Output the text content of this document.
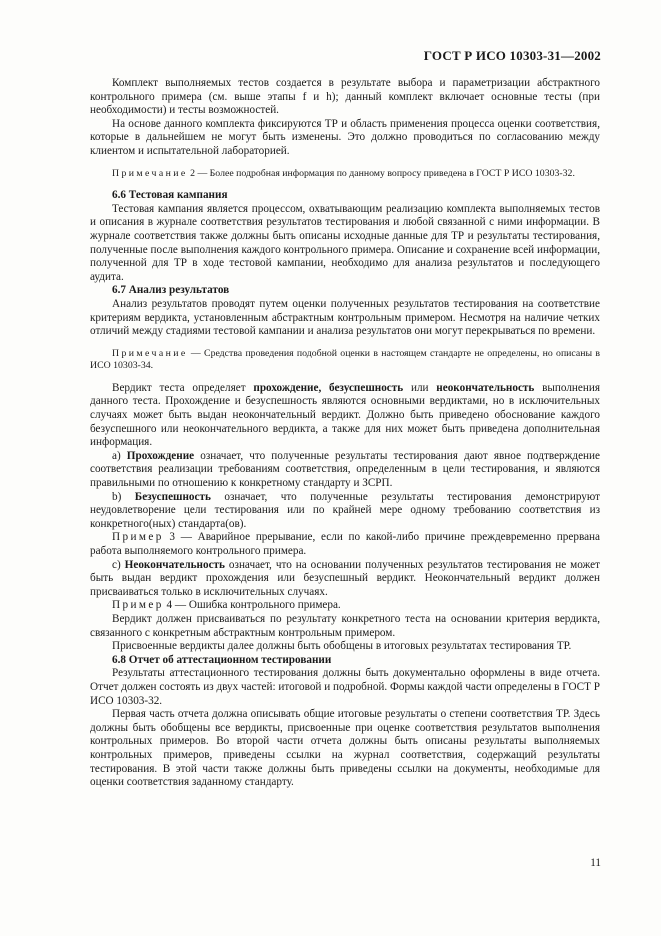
ГОСТ Р ИСО 10303-31—2002

Комплект выполняемых тестов создается в результате выбора и параметризации абстрактного контрольного примера (см. выше этапы f и h); данный комплект включает основные тесты (при необходимости) и тесты возможностей.

На основе данного комплекта фиксируются ТР и область применения процесса оценки соответствия, которые в дальнейшем не могут быть изменены. Это должно проводиться по согласованию между клиентом и испытательной лабораторией.

Примечание 2 — Более подробная информация по данному вопросу приведена в ГОСТ Р ИСО 10303-32.

6.6 Тестовая кампания

Тестовая кампания является процессом, охватывающим реализацию комплекта выполняемых тестов и описания в журнале соответствия результатов тестирования и любой связанной с ними информации. В журнале соответствия также должны быть описаны исходные данные для ТР и результаты тестирования, полученные после выполнения каждого контрольного примера. Описание и сохранение всей информации, полученной для ТР в ходе тестовой кампании, необходимо для анализа результатов и последующего аудита.

6.7 Анализ результатов

Анализ результатов проводят путем оценки полученных результатов тестирования на соответствие критериям вердикта, установленным абстрактным контрольным примером. Несмотря на наличие четких отличий между стадиями тестовой кампании и анализа результатов они могут перекрываться по времени.

Примечание — Средства проведения подобной оценки в настоящем стандарте не определены, но описаны в ИСО 10303-34.

Вердикт теста определяет прохождение, безуспешность или неокончательность выполнения данного теста. Прохождение и безуспешность являются основными вердиктами, но в исключительных случаях может быть выдан неокончательный вердикт. Должно быть приведено обоснование каждого безуспешного или неокончательного вердикта, а также для них может быть приведена дополнительная информация.

a) Прохождение означает, что полученные результаты тестирования дают явное подтверждение соответствия реализации требованиям соответствия, определенным в цели тестирования, и являются правильными по отношению к конкретному стандарту и ЗСРП.

b) Безуспешность означает, что полученные результаты тестирования демонстрируют неудовлетворение цели тестирования или по крайней мере одному требованию соответствия из конкретного(ных) стандарта(ов).

Пример 3 — Аварийное прерывание, если по какой-либо причине преждевременно прервана работа выполняемого контрольного примера.

c) Неокончательность означает, что на основании полученных результатов тестирования не может быть выдан вердикт прохождения или безуспешный вердикт. Неокончательный вердикт должен присваиваться только в исключительных случаях.

Пример 4 — Ошибка контрольного примера.

Вердикт должен присваиваться по результату конкретного теста на основании критерия вердикта, связанного с конкретным абстрактным контрольным примером.

Присвоенные вердикты далее должны быть обобщены в итоговых результатах тестирования ТР.

6.8 Отчет об аттестационном тестировании

Результаты аттестационного тестирования должны быть документально оформлены в виде отчета. Отчет должен состоять из двух частей: итоговой и подробной. Формы каждой части определены в ГОСТ Р ИСО 10303-32.

Первая часть отчета должна описывать общие итоговые результаты о степени соответствия ТР. Здесь должны быть обобщены все вердикты, присвоенные при оценке соответствия результатов выполнения контрольных примеров. Во второй части отчета должны быть описаны результаты выполняемых контрольных примеров, приведены ссылки на журнал соответствия, содержащий результаты тестирования. В этой части также должны быть приведены ссылки на документы, необходимые для оценки соответствия заданному стандарту.

11
